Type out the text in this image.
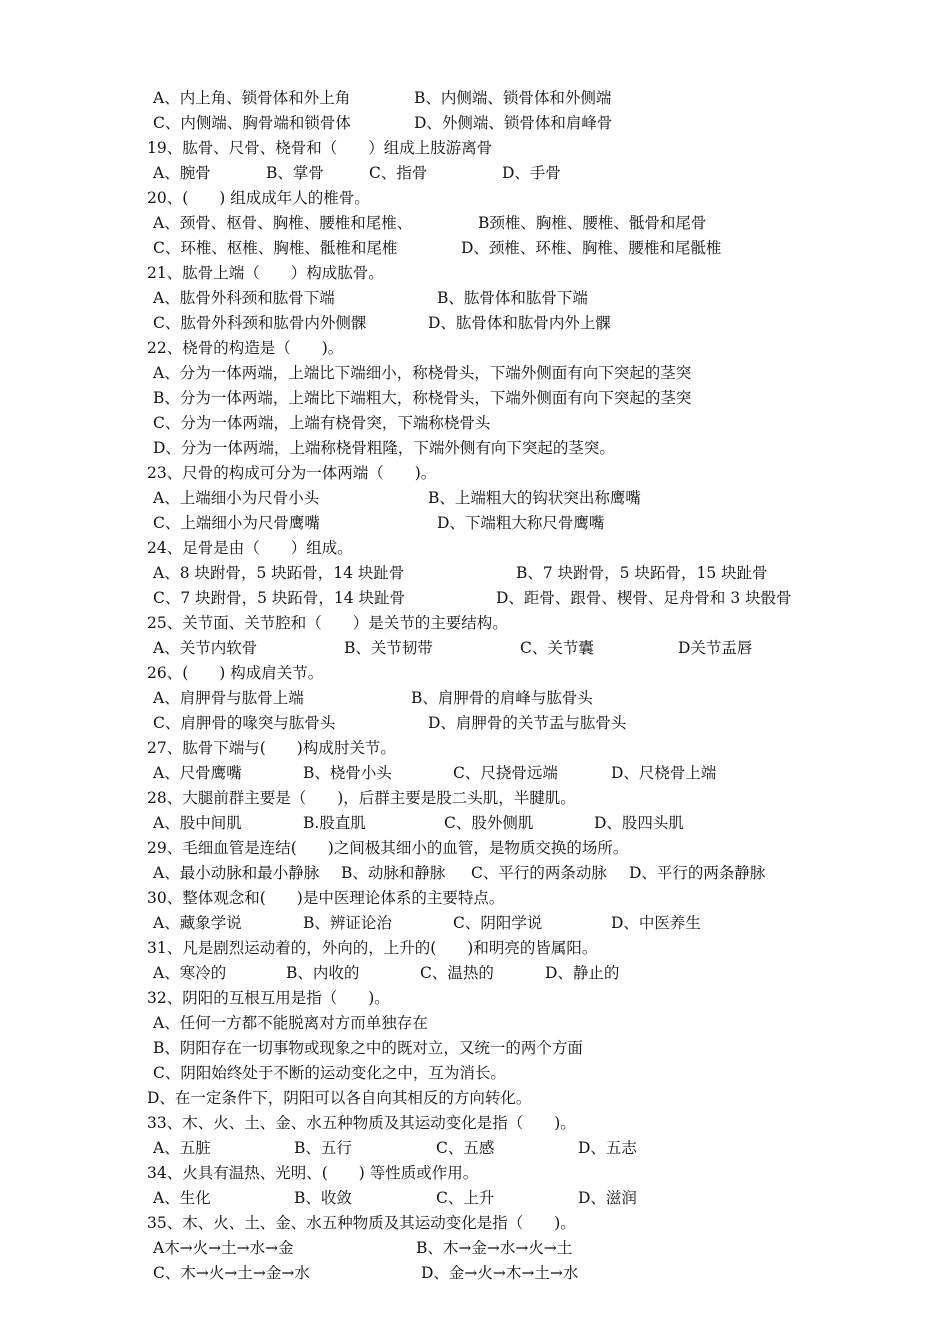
A、内上角、锁骨体和外上角	B、内侧端、锁骨体和外侧端
C、内侧端、胸骨端和锁骨体	D、外侧端、锁骨体和肩峰骨
19、肱骨、尺骨、桡骨和（　　）组成上肢游离骨
A、腕骨	B、掌骨	C、指骨	D、手骨
20、(　　) 组成成年人的椎骨。
A、颈骨、枢骨、胸椎、腰椎和尾椎、	B颈椎、胸椎、腰椎、骶骨和尾骨
C、环椎、枢椎、胸椎、骶椎和尾椎	D、颈椎、环椎、胸椎、腰椎和尾骶椎
21、肱骨上端（　　）构成肱骨。
A、肱骨外科颈和肱骨下端	B、肱骨体和肱骨下端
C、肱骨外科颈和肱骨内外侧髁	D、肱骨体和肱骨内外上髁
22、桡骨的构造是（　　)。
A、分为一体两端，上端比下端细小，称桡骨头，下端外侧面有向下突起的茎突
B、分为一体两端，上端比下端粗大，称桡骨头，下端外侧面有向下突起的茎突
C、分为一体两端，上端有桡骨突，下端称桡骨头
D、分为一体两端，上端称桡骨粗隆，下端外侧有向下突起的茎突。
23、尺骨的构成可分为一体两端（　　)。
A、上端细小为尺骨小头	B、上端粗大的钩状突出称鹰嘴
C、上端细小为尺骨鹰嘴	D、下端粗大称尺骨鹰嘴
24、足骨是由（　　）组成。
A、8 块跗骨，5 块跖骨，14 块趾骨	B、7 块跗骨，5 块跖骨，15 块趾骨
C、7 块跗骨，5 块跖骨，14 块趾骨	D、距骨、跟骨、楔骨、足舟骨和 3 块骰骨
25、关节面、关节腔和（　　）是关节的主要结构。
A、关节内软骨	B、关节韧带	C、关节囊	D关节盂唇
26、(　　) 构成肩关节。
A、肩胛骨与肱骨上端	B、肩胛骨的肩峰与肱骨头
C、肩胛骨的喙突与肱骨头	D、肩胛骨的关节盂与肱骨头
27、肱骨下端与(　　)构成肘关节。
A、尺骨鹰嘴	B、桡骨小头	C、尺挠骨远端	D、尺桡骨上端
28、大腿前群主要是（　　)，后群主要是股二头肌，半腱肌。
A、股中间肌	B.股直肌	C、股外侧肌	D、股四头肌
29、毛细血管是连结(　　)之间极其细小的血管，是物质交换的场所。
A、最小动脉和最小静脉 B、动脉和静脉 C、平行的两条动脉 D、平行的两条静脉
30、整体观念和(　　)是中医理论体系的主要特点。
A、藏象学说	B、辨证论治	C、阴阳学说	D、中医养生
31、凡是剧烈运动着的，外向的，上升的(　　)和明亮的皆属阳。
A、寒冷的	B、内收的	C、温热的	D、静止的
32、阴阳的互根互用是指（　　)。
A、任何一方都不能脱离对方而单独存在
B、阴阳存在一切事物或现象之中的既对立，又统一的两个方面
C、阴阳始终处于不断的运动变化之中，互为消长。
D、在一定条件下，阴阳可以各自向其相反的方向转化。
33、木、火、土、金、水五种物质及其运动变化是指（　　)。
A、五脏	B、五行	C、五感	D、五志
34、火具有温热、光明、(　　) 等性质或作用。
A、生化	B、收敛	C、上升	D、滋润
35、木、火、土、金、水五种物质及其运动变化是指（　　)。
A木→火→土→水→金	B、木→金→水→火→土
C、木→火→土→金→水	D、金→火→木→土→水
